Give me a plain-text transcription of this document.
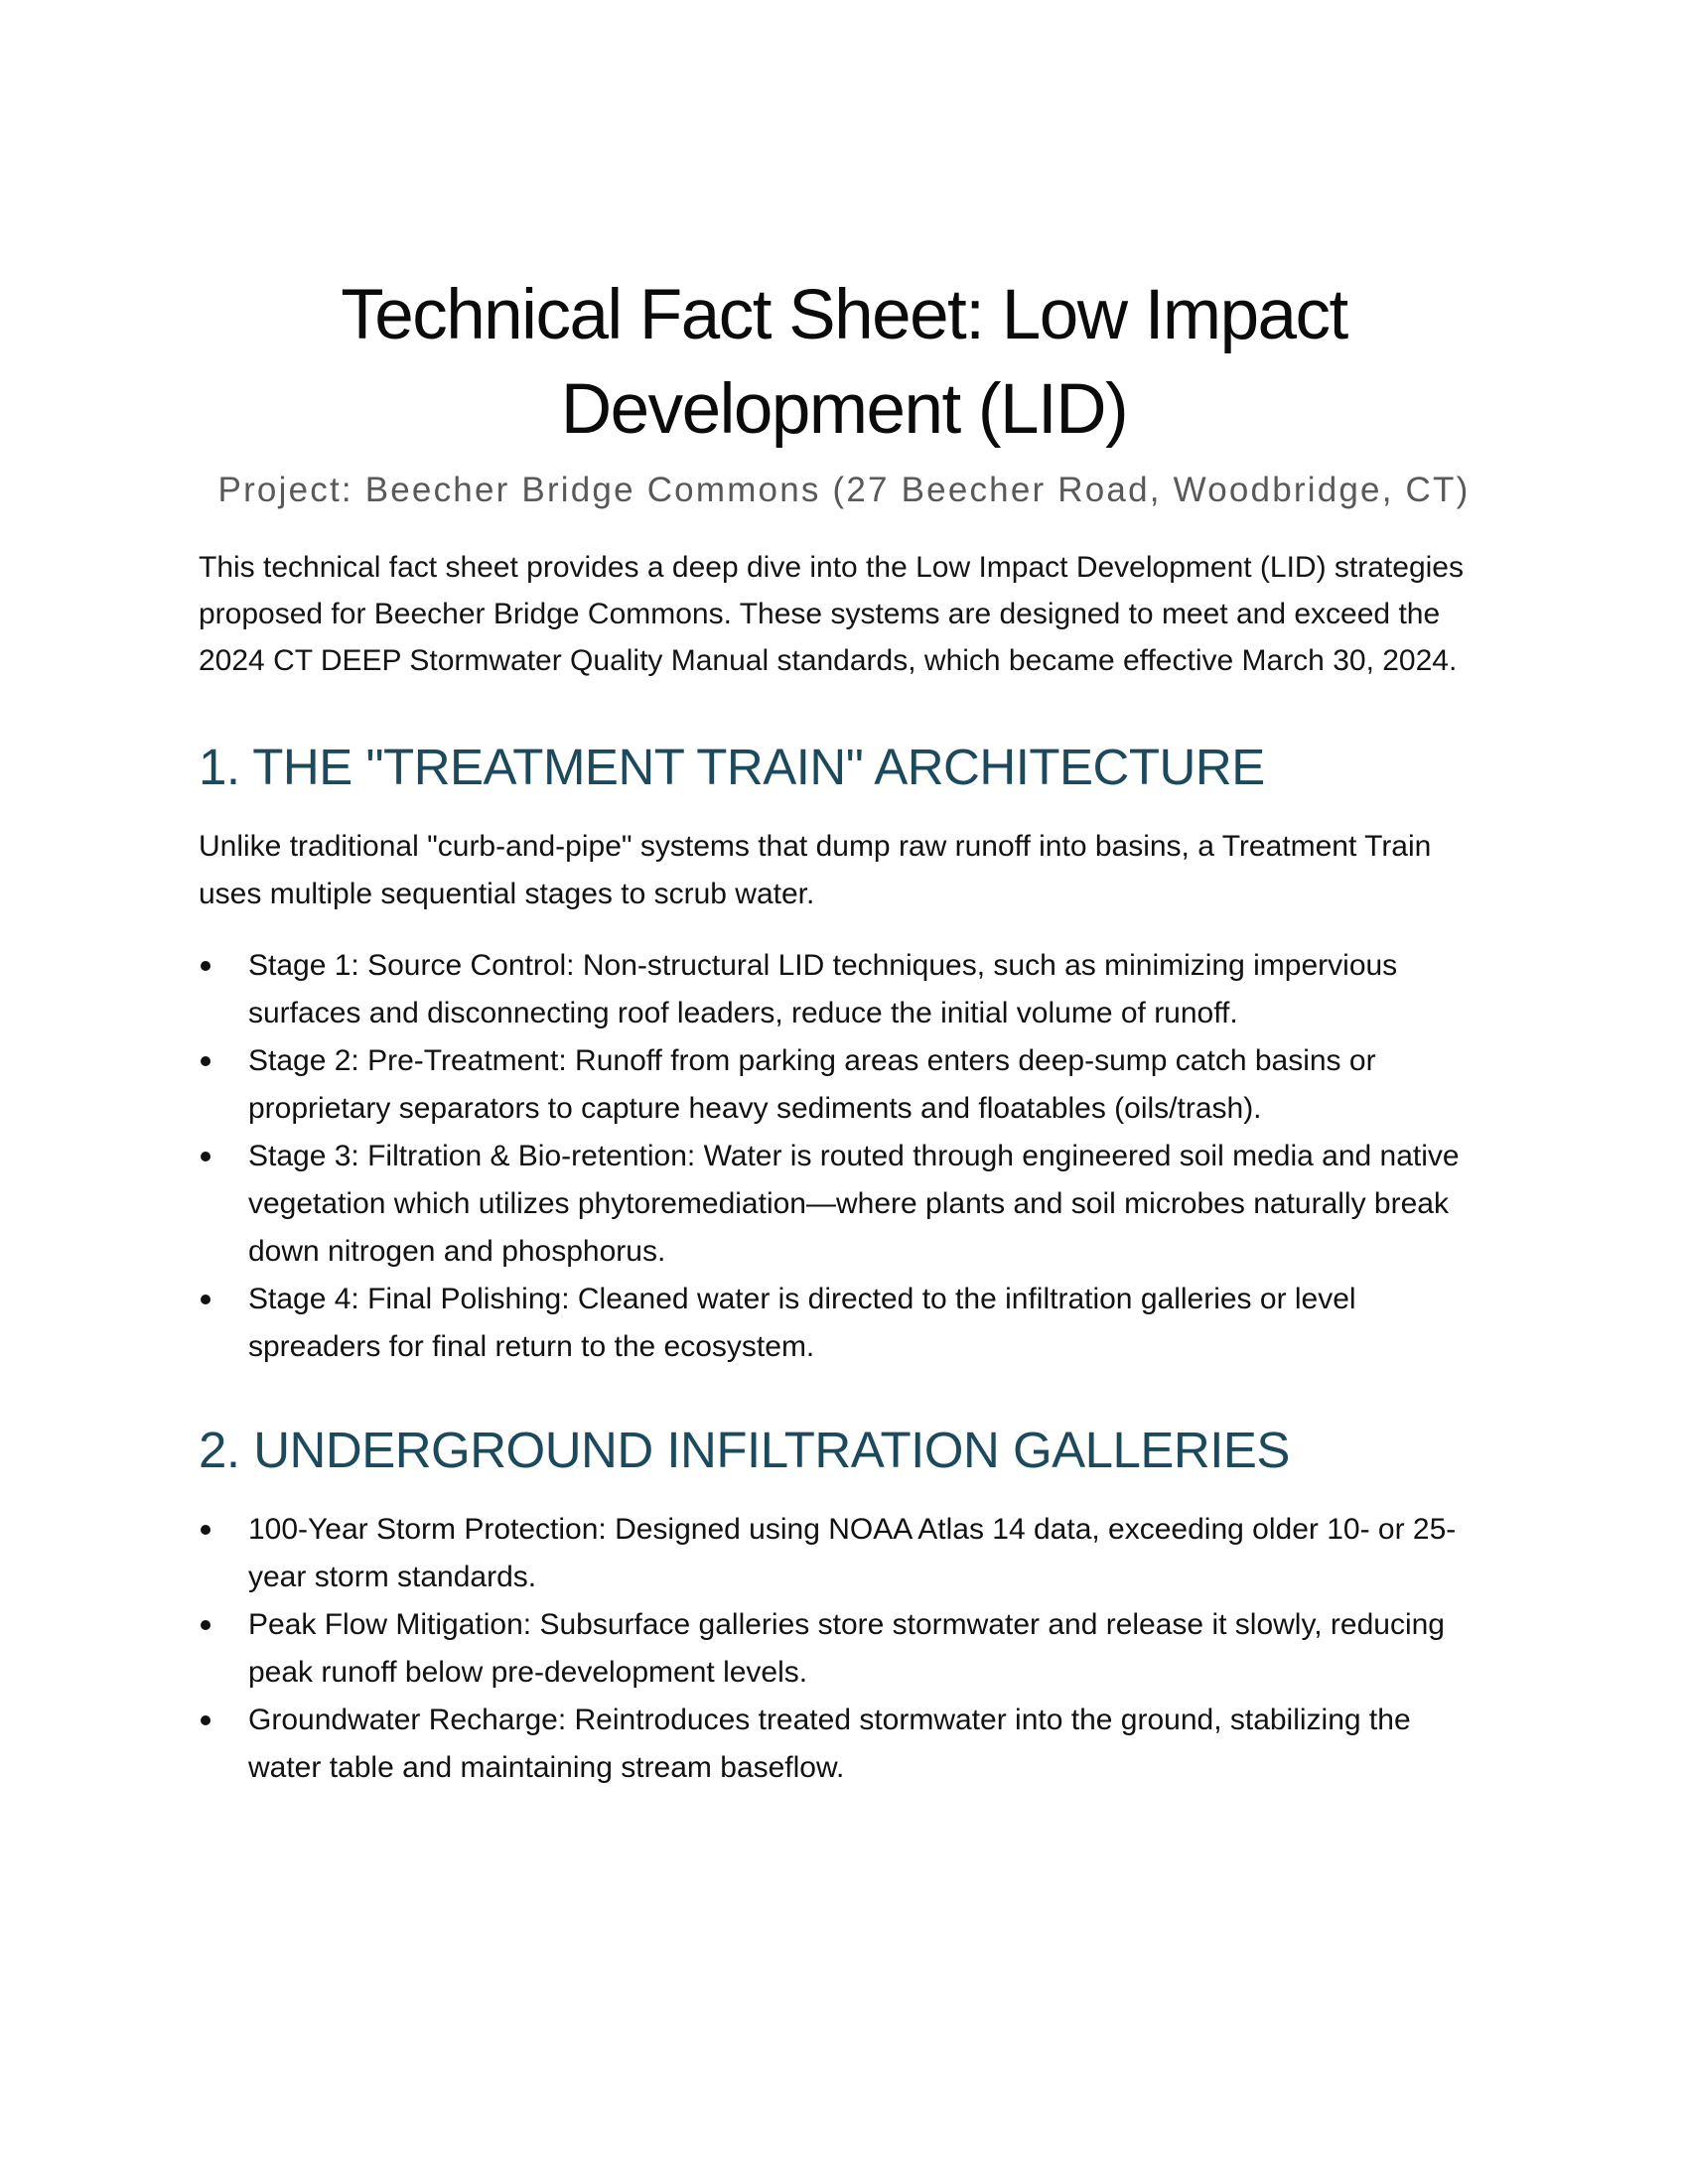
Technical Fact Sheet: Low Impact
Development (LID)
Project: Beecher Bridge Commons (27 Beecher Road, Woodbridge, CT)

This technical fact sheet provides a deep dive into the Low Impact Development (LID) strategies proposed for Beecher Bridge Commons. These systems are designed to meet and exceed the 2024 CT DEEP Stormwater Quality Manual standards, which became effective March 30, 2024.

1. THE "TREATMENT TRAIN" ARCHITECTURE

Unlike traditional "curb-and-pipe" systems that dump raw runoff into basins, a Treatment Train uses multiple sequential stages to scrub water.

Stage 1: Source Control: Non-structural LID techniques, such as minimizing impervious surfaces and disconnecting roof leaders, reduce the initial volume of runoff.
Stage 2: Pre-Treatment: Runoff from parking areas enters deep-sump catch basins or proprietary separators to capture heavy sediments and floatables (oils/trash).
Stage 3: Filtration & Bio-retention: Water is routed through engineered soil media and native vegetation which utilizes phytoremediation—where plants and soil microbes naturally break down nitrogen and phosphorus.
Stage 4: Final Polishing: Cleaned water is directed to the infiltration galleries or level spreaders for final return to the ecosystem.
2. UNDERGROUND INFILTRATION GALLERIES
100-Year Storm Protection: Designed using NOAA Atlas 14 data, exceeding older 10- or 25-year storm standards.
Peak Flow Mitigation: Subsurface galleries store stormwater and release it slowly, reducing peak runoff below pre-development levels.
Groundwater Recharge: Reintroduces treated stormwater into the ground, stabilizing the water table and maintaining stream baseflow.
